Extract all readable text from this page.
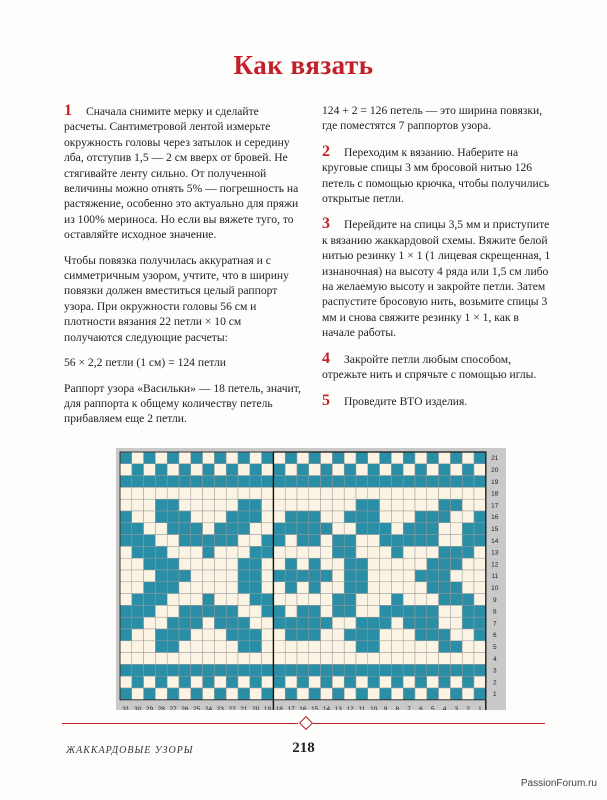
Как вязать

1 Сначала снимите мерку и сделайте расчеты. Сантиметровой лентой измерьте окружность головы через затылок и середину лба, отступив 1,5 — 2 см вверх от бровей. Не стягивайте ленту сильно. От полученной величины можно отнять 5% — погрешность на растяжение, особенно это актуально для пряжи из 100% мериноса. Но если вы вяжете туго, то оставляйте исходное значение.

Чтобы повязка получилась аккуратная и с симметричным узором, учтите, что в ширину повязки должен вместиться целый раппорт узора. При окружности головы 56 см и плотности вязания 22 петли × 10 см получаются следующие расчеты:

56 × 2,2 петли (1 см) = 124 петли

Раппорт узора «Васильки» — 18 петель, значит, для раппорта к общему количеству петель прибавляем еще 2 петли.

124 + 2 = 126 петель — это ширина повязки, где поместятся 7 раппортов узора.

2 Переходим к вязанию. Наберите на круговые спицы 3 мм бросовой нитью 126 петель с помощью крючка, чтобы получились открытые петли.

3 Перейдите на спицы 3,5 мм и приступите к вязанию жаккардовой схемы. Вяжите белой нитью резинку 1 × 1 (1 лицевая скрещенная, 1 изнаночная) на высоту 4 ряда или 1,5 см либо на желаемую высоту и закройте петли. Затем распустите бросовую нить, возьмите спицы 3 мм и снова свяжите резинку 1 × 1, как в начале работы.

4 Закройте петли любым способом, отрежьте нить и спрячьте с помощью иглы.

5 Проведите ВТО изделия.

31 30 29 28 27 26 25 24 23 22 21 20 19 18 17 16 15 14 13 12 11 10 9 8 7 6 5 4 3 2 1
21
20
19
18
17
16
15
14
13
12
11
10
9
8
7
6
5
4
3
2
1
ЖАККАРДОВЫЕ УЗОРЫ	218
PassionForum.ru
